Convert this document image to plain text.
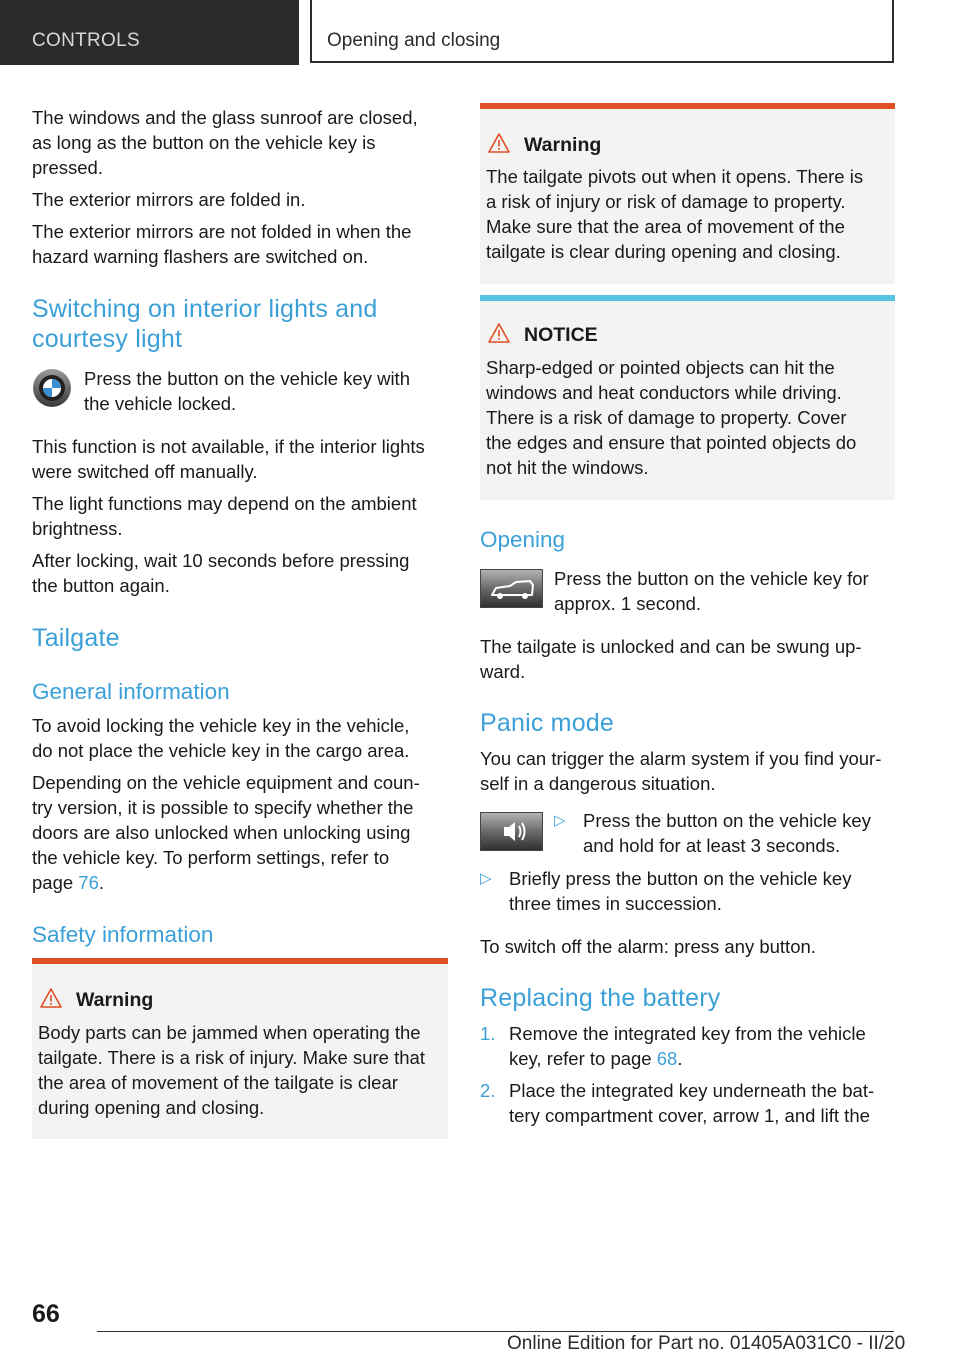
CONTROLS	Opening and closing

The windows and the glass sunroof are closed,

as long as the button on the vehicle key is

pressed.

The exterior mirrors are folded in.

The exterior mirrors are not folded in when the

hazard warning flashers are switched on.

Switching on interior lights and
courtesy light

Press the button on the vehicle key with
the vehicle locked.

This function is not available, if the interior lights

were switched off manually.

The light functions may depend on the ambient

brightness.

After locking, wait 10 seconds before pressing

the button again.

Tailgate
General information

To avoid locking the vehicle key in the vehicle,

do not place the vehicle key in the cargo area.

Depending on the vehicle equipment and coun‐

try version, it is possible to specify whether the

doors are also unlocked when unlocking using

the vehicle key. To perform settings, refer to

page 76.

Safety information
Warning

Body parts can be jammed when operating the
tailgate. There is a risk of injury. Make sure that
the area of movement of the tailgate is clear
during opening and closing.

Warning

The tailgate pivots out when it opens. There is
a risk of injury or risk of damage to property.
Make sure that the area of movement of the
tailgate is clear during opening and closing.

NOTICE

Sharp-edged or pointed objects can hit the
windows and heat conductors while driving.
There is a risk of damage to property. Cover
the edges and ensure that pointed objects do
not hit the windows.

Opening

Press the button on the vehicle key for
approx. 1 second.

The tailgate is unlocked and can be swung up‐

ward.

Panic mode

You can trigger the alarm system if you find your‐

self in a dangerous situation.

▷ Press the button on the vehicle key
and hold for at least 3 seconds.
▷ Briefly press the button on the vehicle key
three times in succession.

To switch off the alarm: press any button.

Replacing the battery
1. Remove the integrated key from the vehicle
key, refer to page 68.
2. Place the integrated key underneath the bat‐
tery compartment cover, arrow 1, and lift the
66
Online Edition for Part no. 01405A031C0 - II/20
